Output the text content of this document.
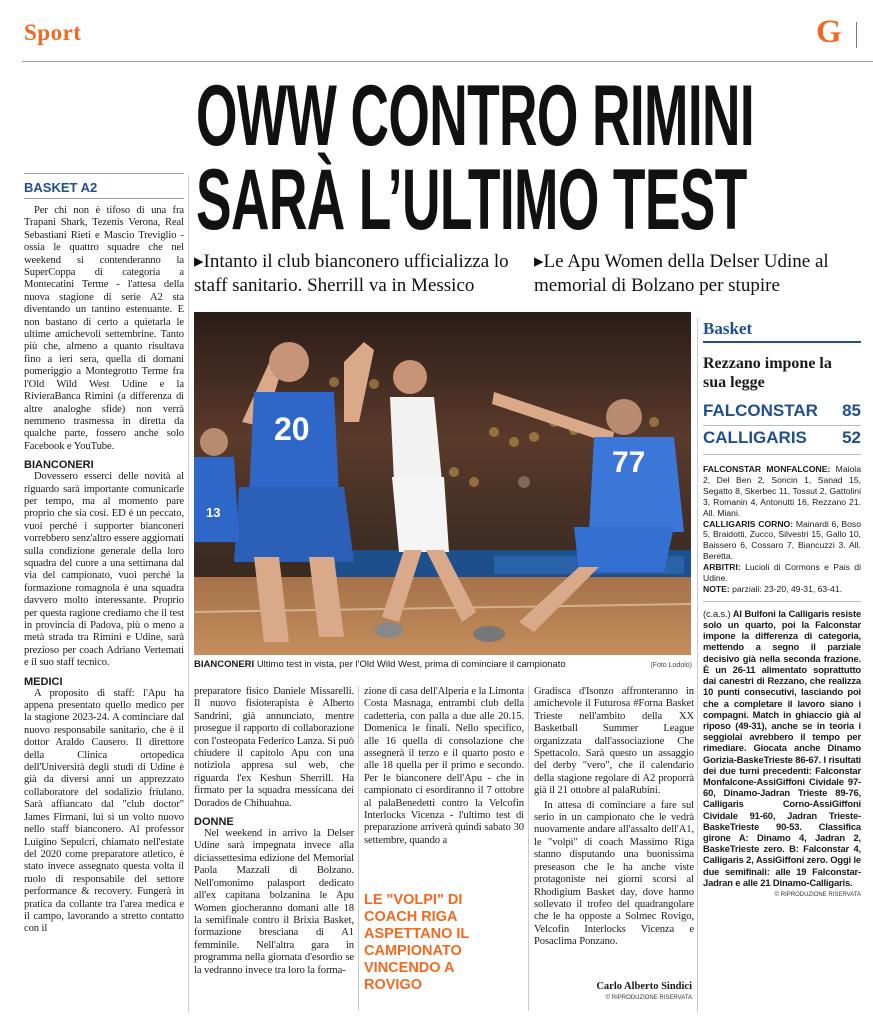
Sport	G
OWW CONTRO RIMINI
SARÀ L’ULTIMO TEST
▸Intanto il club bianconero ufficializza lo staff sanitario. Sherrill va in Messico
▸Le Apu Women della Delser Udine al memorial di Bolzano per stupire
BASKET A2

Per chi non è tifoso di una fra Trapani Shark, Tezenis Verona, Real Sebastiani Rieti e Mascio Treviglio - ossia le quattro squadre che nel weekend si contenderanno la SuperCoppa di categoria a Montecatini Terme - l'attesa della nuova stagione di serie A2 sta diventando un tantino estenuante. E non bastano di certo a quietarla le ultime amichevoli settembrine. Tanto più che, almeno a quanto risultava fino a ieri sera, quella di domani pomeriggio a Montegrotto Terme fra l'Old Wild West Udine e la RivieraBanca Rimini (a differenza di altre analoghe sfide) non verrà nemmeno trasmessa in diretta da qualche parte, fossero anche solo Facebook e YouTube.

BIANCONERI

Dovessero esserci delle novità al riguardo sarà importante comunicarle per tempo, ma al momento pare proprio che sia così. ED è un peccato, vuoi perché i supporter bianconeri vorrebbero senz'altro essere aggiornati sulla condizione generale della loro squadra del cuore a una settimana dal via del campionato, vuoi perché la formazione romagnola è una squadra davvero molto interessante. Proprio per questa ragione crediamo che il test in provincia di Padova, più o meno a metà strada tra Rimini e Udine, sarà prezioso per coach Adriano Vertemati e il suo staff tecnico.

MEDICI

A proposito di staff: l'Apu ha appena presentato quello medico per la stagione 2023-24. A cominciare dal nuovo responsabile sanitario, che è il dottor Araldo Causero. Il direttore della Clinica ortopedica dell'Università degli studi di Udine è già da diversi anni un apprezzato collaboratore del sodalizio friulano. Sarà affiancato dal "club doctor" James Firmani, lui sì un volto nuovo nello staff bianconero. Al professor Luigino Sepulcri, chiamato nell'estate del 2020 come preparatore atletico, è stato invece assegnato questa volta il ruolo di responsabile del settore performance & recovery. Fungerà in pratica da collante tra l'area medica e il campo, lavorando a stretto contatto con il

20
13
77
BIANCONERI Ultimo test in vista, per l'Old Wild West, prima di cominciare il campionato	(Foto Lodolo)

preparatore fisico Daniele Missarelli. Il nuovo fisioterapista è Alberto Sandrini, già annunciato, mentre prosegue il rapporto di collaborazione con l'osteopata Federico Lanza. Si può chiudere il capitolo Apu con una notiziola appresa sul web, che riguarda l'ex Keshun Sherrill. Ha firmato per la squadra messicana dei Dorados de Chihuahua.

DONNE

Nel weekend in arrivo la Delser Udine sarà impegnata invece alla diciassettesima edizione del Memorial Paola Mazzali di Bolzano. Nell'omonimo palasport dedicato all'ex capitana bolzanina le Apu Women giocheranno domani alle 18 la semifinale contro il Brixia Basket, formazione bresciana di A1 femminile. Nell'altra gara in programma nella giornata d'esordio se la vedranno invece tra loro la forma-

zione di casa dell'Alperia e la Limonta Costa Masnaga, entrambi club della cadetteria, con palla a due alle 20.15. Domenica le finali. Nello specifico, alle 16 quella di consolazione che assegnerà il terzo e il quarto posto e alle 18 quella per il primo e secondo. Per le bianconere dell'Apu - che in campionato ci esordiranno il 7 ottobre al palaBenedetti contro la Velcofin Interlocks Vicenza - l'ultimo test di preparazione arriverà quindi sabato 30 settembre, quando a

LE "VOLPI" DI COACH RIGA ASPETTANO IL CAMPIONATO VINCENDO A ROVIGO

Gradisca d'Isonzo affronteranno in amichevole il Futurosa #Forna Basket Trieste nell'ambito della XX Basketball Summer League organizzata dall'associazione Che Spettacolo. Sarà questo un assaggio del derby "vero", che il calendario della stagione regolare di A2 proporrà già il 21 ottobre al palaRubini.

In attesa di cominciare a fare sul serio in un campionato che le vedrà nuovamente andare all'assalto dell'A1, le "volpi" di coach Massimo Riga stanno disputando una buonissima preseason che le ha anche viste protagoniste nei giorni scorsi al Rhodigium Basket day, dove hanno sollevato il trofeo del quadrangolare che le ha opposte a Solmec Rovigo, Velcofin Interlocks Vicenza e Posaclima Ponzano.

Carlo Alberto Sindici
© RIPRODUZIONE RISERVATA
Basket
Rezzano impone la sua legge
FALCONSTAR 85
CALLIGARIS 52
FALCONSTAR MONFALCONE: Maiola 2, Del Ben 2, Soncin 1, Sanad 15, Segatto 8, Skerbec 11, Tossut 2, Gattolini 3, Romanin 4, Antonutti 16, Rezzano 21. All. Miani.
CALLIGARIS CORNO: Mainardi 6, Boso 5, Braidotti, Zucco, Silvestri 15, Gallo 10, Baissero 6, Cossaro 7, Biancuzzi 3. All. Beretta.
ARBITRI: Lucioli di Cormons e Pais di Udine.
NOTE: parziali: 23-20, 49-31, 63-41.
(c.a.s.) Al Bulfoni la Calligaris resiste solo un quarto, poi la Falconstar impone la differenza di categoria, mettendo a segno il parziale decisivo già nella seconda frazione. È un 26-11 alimentato soprattutto dai canestri di Rezzano, che realizza 10 punti consecutivi, lasciando poi che a completare il lavoro siano i compagni. Match in ghiaccio già al riposo (49-31), anche se in teoria i seggiolai avrebbero il tempo per rimediare. Giocata anche Dinamo Gorizia-BaskeTrieste 86-67. I risultati dei due turni precedenti: Falconstar Monfalcone-AssiGiffoni Cividale 97-60, Dinamo-Jadran Trieste 89-76, Calligaris Corno-AssiGiffoni Cividale 91-60, Jadran Trieste-BaskeTrieste 90-53. Classifica girone A: Dinamo 4, Jadran 2, BaskeTrieste zero. B: Falconstar 4, Calligaris 2, AssiGiffoni zero. Oggi le due semifinali: alle 19 Falconstar-Jadran e alle 21 Dinamo-Calligaris.
© RIPRODUZIONE RISERVATA
